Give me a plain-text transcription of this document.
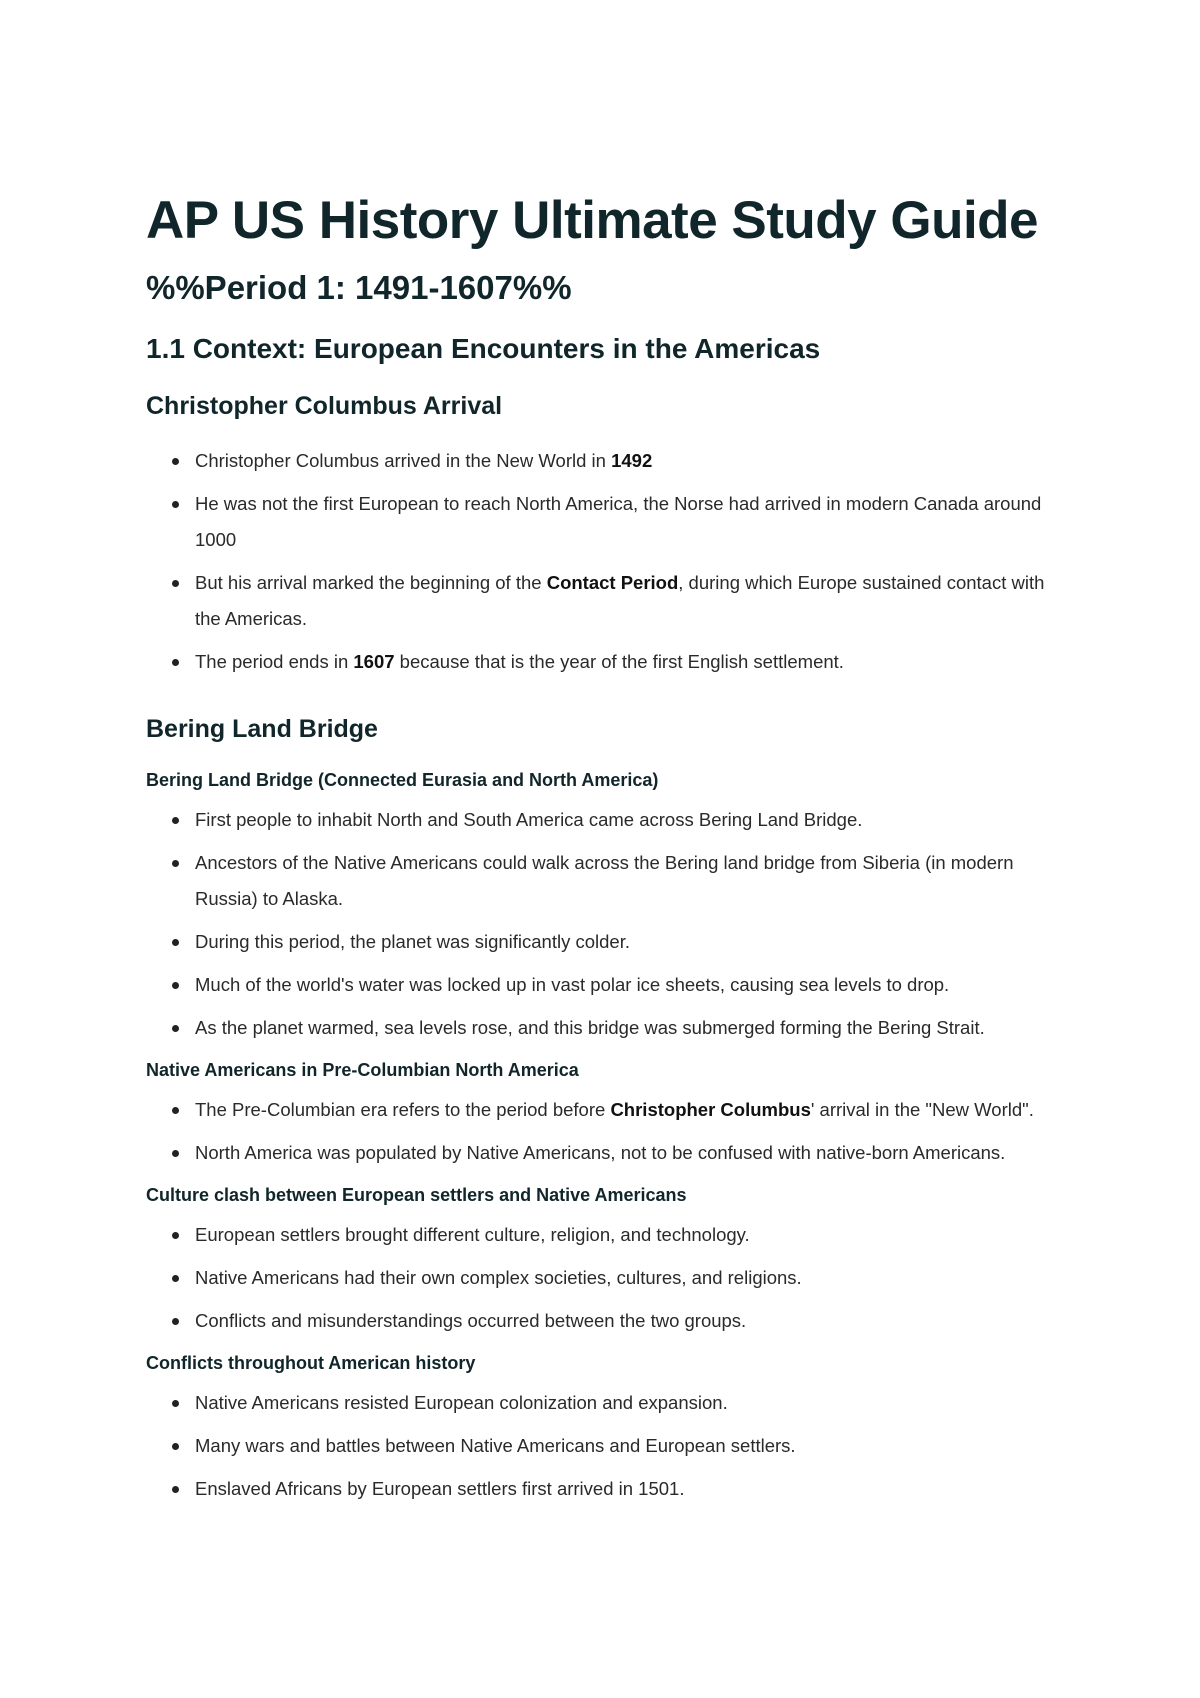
AP US History Ultimate Study Guide
%%Period 1: 1491-1607%%
1.1 Context: European Encounters in the Americas
Christopher Columbus Arrival
Christopher Columbus arrived in the New World in 1492
He was not the first European to reach North America, the Norse had arrived in modern Canada around 1000
But his arrival marked the beginning of the Contact Period, during which Europe sustained contact with the Americas.
The period ends in 1607 because that is the year of the first English settlement.
Bering Land Bridge
Bering Land Bridge (Connected Eurasia and North America)
First people to inhabit North and South America came across Bering Land Bridge.
Ancestors of the Native Americans could walk across the Bering land bridge from Siberia (in modern Russia) to Alaska.
During this period, the planet was significantly colder.
Much of the world's water was locked up in vast polar ice sheets, causing sea levels to drop.
As the planet warmed, sea levels rose, and this bridge was submerged forming the Bering Strait.
Native Americans in Pre-Columbian North America
The Pre-Columbian era refers to the period before Christopher Columbus' arrival in the "New World".
North America was populated by Native Americans, not to be confused with native-born Americans.
Culture clash between European settlers and Native Americans
European settlers brought different culture, religion, and technology.
Native Americans had their own complex societies, cultures, and religions.
Conflicts and misunderstandings occurred between the two groups.
Conflicts throughout American history
Native Americans resisted European colonization and expansion.
Many wars and battles between Native Americans and European settlers.
Enslaved Africans by European settlers first arrived in 1501.
